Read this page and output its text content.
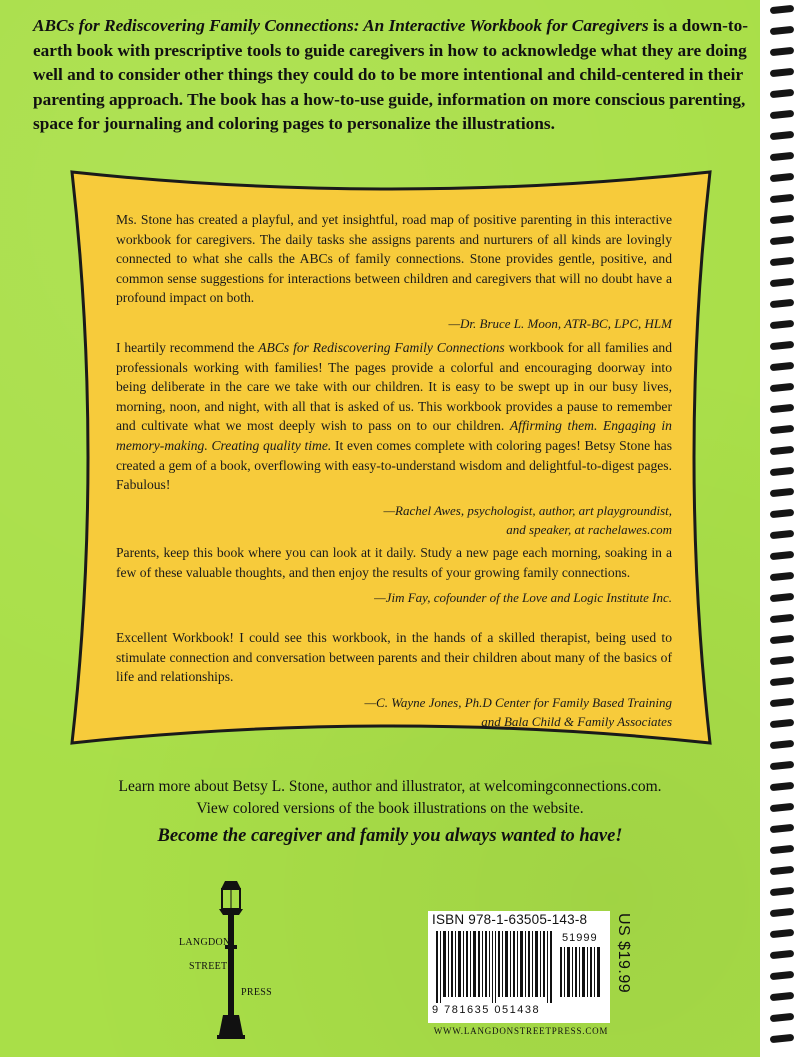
ABCs for Rediscovering Family Connections: An Interactive Workbook for Caregivers is a down-to-earth book with prescriptive tools to guide caregivers in how to acknowledge what they are doing well and to consider other things they could do to be more intentional and child-centered in their parenting approach. The book has a how-to-use guide, information on more conscious parenting, space for journaling and coloring pages to personalize the illustrations.

Ms. Stone has created a playful, and yet insightful, road map of positive parenting in this interactive workbook for caregivers. The daily tasks she assigns parents and nurturers of all kinds are lovingly connected to what she calls the ABCs of family connections. Stone provides gentle, positive, and common sense suggestions for interactions between children and caregivers that will no doubt have a profound impact on both.

—Dr. Bruce L. Moon, ATR-BC, LPC, HLM

I heartily recommend the ABCs for Rediscovering Family Connections workbook for all families and professionals working with families! The pages provide a colorful and encouraging doorway into being deliberate in the care we take with our children. It is easy to be swept up in our busy lives, morning, noon, and night, with all that is asked of us. This workbook provides a pause to remember and cultivate what we most deeply wish to pass on to our children. Affirming them. Engaging in memory-making. Creating quality time. It even comes complete with coloring pages! Betsy Stone has created a gem of a book, overflowing with easy-to-understand wisdom and delightful-to-digest pages. Fabulous!

—Rachel Awes, psychologist, author, art playgroundist,
and speaker, at rachelawes.com

Parents, keep this book where you can look at it daily. Study a new page each morning, soaking in a few of these valuable thoughts, and then enjoy the results of your growing family connections.

—Jim Fay, cofounder of the Love and Logic Institute Inc.

Excellent Workbook! I could see this workbook, in the hands of a skilled therapist, being used to stimulate connection and conversation between parents and their children about many of the basics of life and relationships.

—C. Wayne Jones, Ph.D Center for Family Based Training
and Bala Child & Family Associates
Learn more about Betsy L. Stone, author and illustrator, at welcomingconnections.com.
View colored versions of the book illustrations on the website.
Become the caregiver and family you always wanted to have!
LANGDON
STREET
PRESS
ISBN 978-1-63505-143-8
51999
9 781635 051438
US $19.99
WWW.LANGDONSTREETPRESS.COM
